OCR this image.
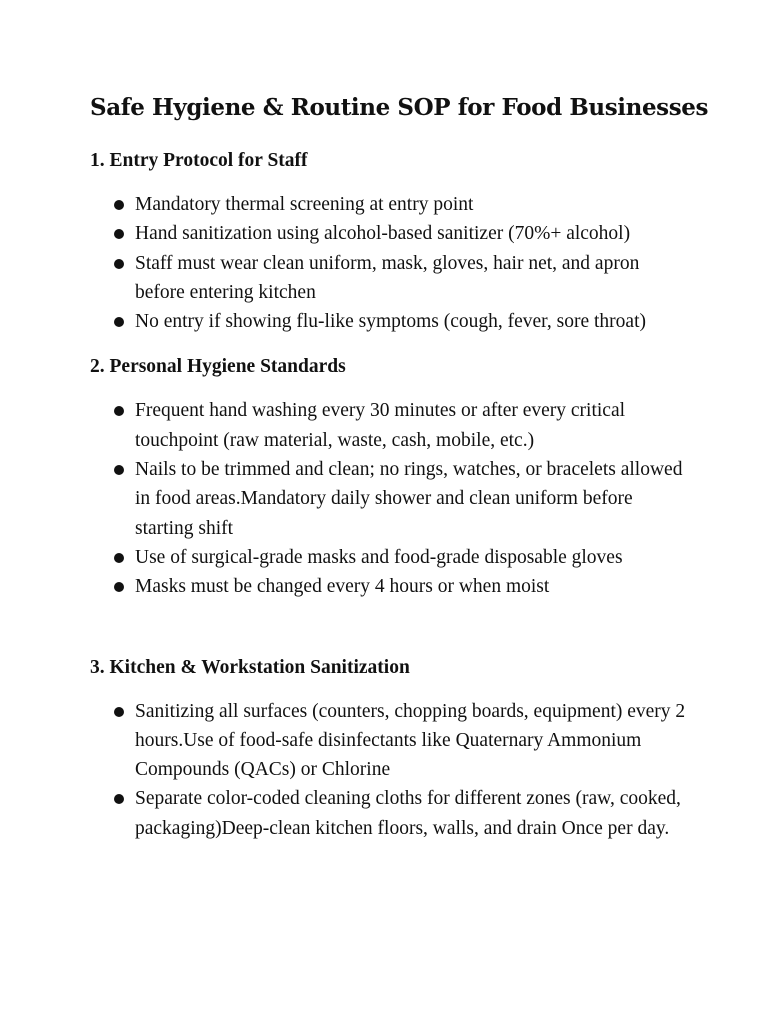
Safe Hygiene & Routine SOP for Food Businesses
1. Entry Protocol for Staff
Mandatory thermal screening at entry point
Hand sanitization using alcohol-based sanitizer (70%+ alcohol)
Staff must wear clean uniform, mask, gloves, hair net, and apron before entering kitchen
No entry if showing flu-like symptoms (cough, fever, sore throat)
2. Personal Hygiene Standards
Frequent hand washing every 30 minutes or after every critical touchpoint (raw material, waste, cash, mobile, etc.)
Nails to be trimmed and clean; no rings, watches, or bracelets allowed in food areas.Mandatory daily shower and clean uniform before starting shift
Use of surgical-grade masks and food-grade disposable gloves
Masks must be changed every 4 hours or when moist
3. Kitchen & Workstation Sanitization
Sanitizing all surfaces (counters, chopping boards, equipment) every 2 hours.Use of food-safe disinfectants like Quaternary Ammonium Compounds (QACs) or Chlorine
Separate color-coded cleaning cloths for different zones (raw, cooked, packaging)Deep-clean kitchen floors, walls, and drain Once per day.
